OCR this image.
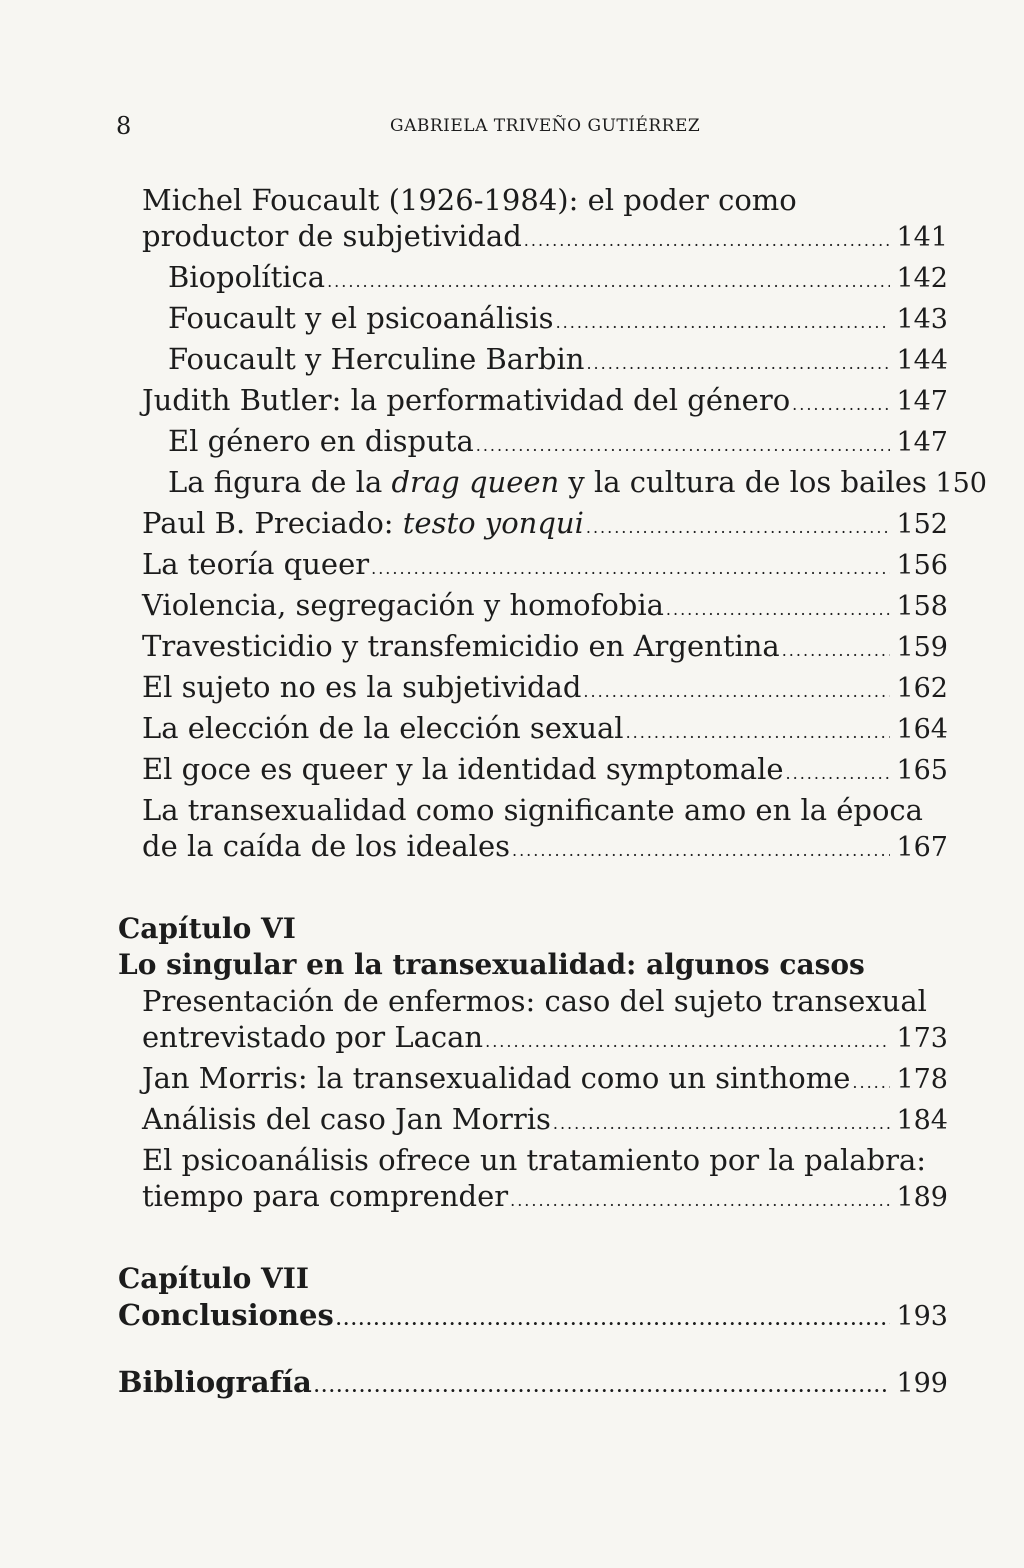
8	GABRIELA TRIVEÑO GUTIÉRREZ
Michel Foucault (1926-1984): el poder como
productor de subjetividad .....	141
Biopolítica .....	142
Foucault y el psicoanálisis .....	143
Foucault y Herculine Barbin .....	144
Judith Butler: la performatividad del género .....	147
El género en disputa .....	147
La figura de la drag queen y la cultura de los bailes 150
Paul B. Preciado: testo yonqui .....	152
La teoría queer .....	156
Violencia, segregación y homofobia .....	158
Travesticidio y transfemicidio en Argentina .....	159
El sujeto no es la subjetividad .....	162
La elección de la elección sexual .....	164
El goce es queer y la identidad symptomale .....	165
La transexualidad como significante amo en la época
de la caída de los ideales .....	167
Capítulo VI
Lo singular en la transexualidad: algunos casos
Presentación de enfermos: caso del sujeto transexual
entrevistado por Lacan .....	173
Jan Morris: la transexualidad como un sinthome ..... 178
Análisis del caso Jan Morris .....	184
El psicoanálisis ofrece un tratamiento por la palabra:
tiempo para comprender .....	189
Capítulo VII
Conclusiones .....	193
Bibliografía .....	199
